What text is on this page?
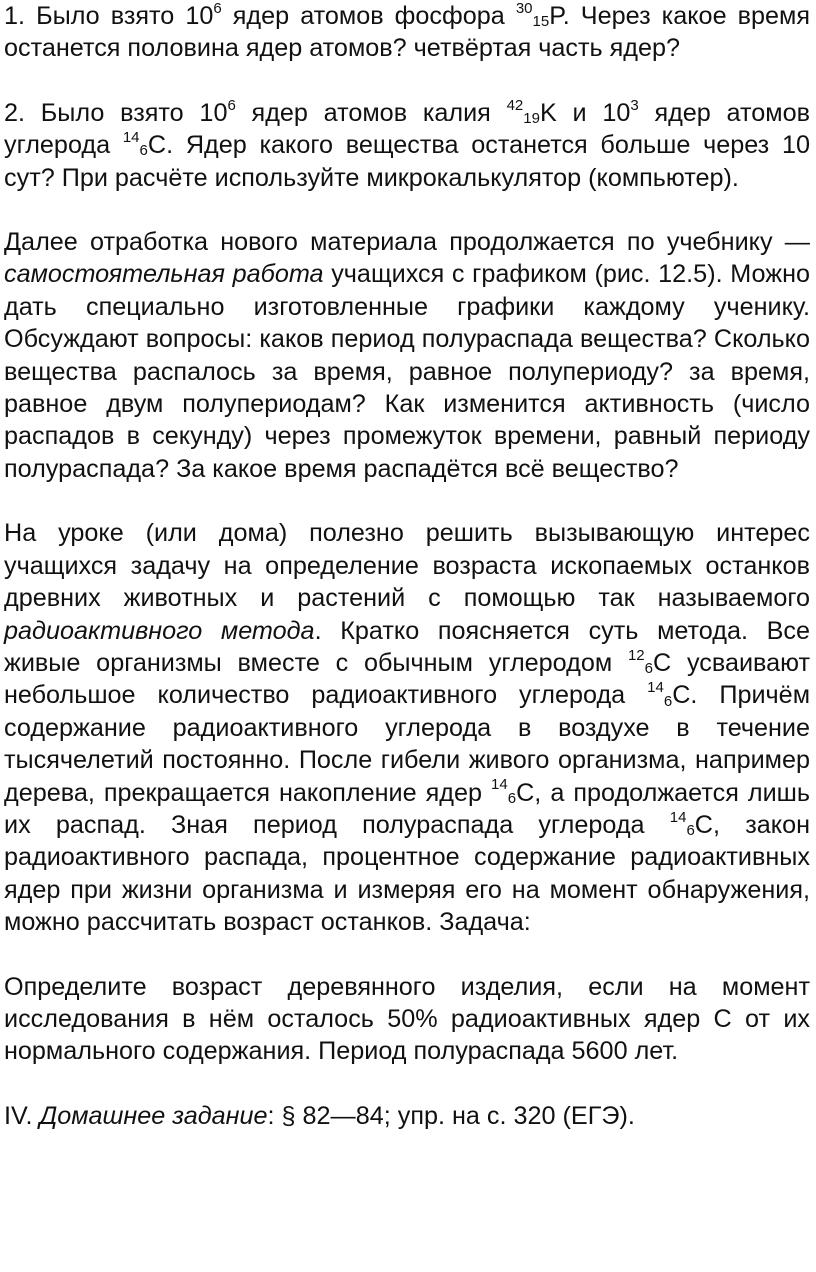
1. Было взято $10^6$ ядер атомов фосфора $^{30}_{15}$P. Через какое время останется половина ядер атомов? четвёртая часть ядер?

2. Было взято $10^6$ ядер атомов калия $^{42}_{19}$K и $10^3$ ядер атомов углерода $^{14}_6$C. Ядер какого вещества останется больше через 10 сут? При расчёте используйте микрокалькулятор (компьютер).

Далее отработка нового материала продолжается по учебнику — самостоятельная работа учащихся с графиком (рис. 12.5). Можно дать специально изготовленные графики каждому ученику. Обсуждают вопросы: каков период полураспада вещества? Сколько вещества распалось за время, равное полупериоду? за время, равное двум полупериодам? Как изменится активность (число распадов в секунду) через промежуток времени, равный периоду полураспада? За какое время распадётся всё вещество?

На уроке (или дома) полезно решить вызывающую интерес учащихся задачу на определение возраста ископаемых останков древних животных и растений с помощью так называемого радиоактивного метода. Кратко поясняется суть метода. Все живые организмы вместе с обычным углеродом $^{12}_6$C усваивают небольшое количество радиоактивного углерода $^{14}_6$C. Причём содержание радиоактивного углерода в воздухе в течение тысячелетий постоянно. После гибели живого организма, например дерева, прекращается накопление ядер $^{14}_6$C, а продолжается лишь их распад. Зная период полураспада углерода $^{14}_6$C, закон радиоактивного распада, процентное содержание радиоактивных ядер при жизни организма и измеряя его на момент обнаружения, можно рассчитать возраст останков. Задача:

Определите возраст деревянного изделия, если на момент исследования в нём осталось 50% радиоактивных ядер C от их нормального содержания. Период полураспада 5600 лет.

IV. Домашнее задание: § 82—84; упр. на с. 320 (ЕГЭ).
